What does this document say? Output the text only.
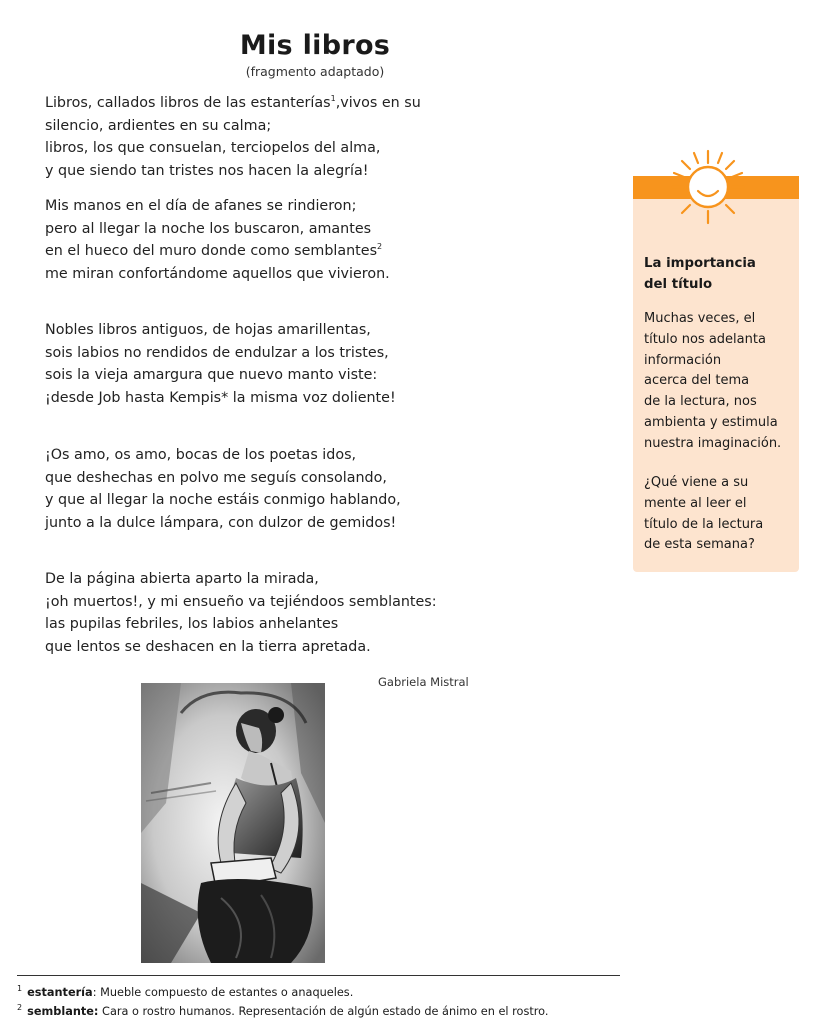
Mis libros
(fragmento adaptado)
Libros, callados libros de las estanterías$^1$,vivos en su
silencio, ardientes en su calma;
libros, los que consuelan, terciopelos del alma,
y que siendo tan tristes nos hacen la alegría!
Mis manos en el día de afanes se rindieron;
pero al llegar la noche los buscaron, amantes
en el hueco del muro donde como semblantes$^2$
me miran confortándome aquellos que vivieron.
Nobles libros antiguos, de hojas amarillentas,
sois labios no rendidos de endulzar a los tristes,
sois la vieja amargura que nuevo manto viste:
¡desde Job hasta Kempis* la misma voz doliente!
¡Os amo, os amo, bocas de los poetas idos,
que deshechas en polvo me seguís consolando,
y que al llegar la noche estáis conmigo hablando,
junto a la dulce lámpara, con dulzor de gemidos!
De la página abierta aparto la mirada,
¡oh muertos!, y mi ensueño va tejiéndoos semblantes:
las pupilas febriles, los labios anhelantes
que lentos se deshacen en la tierra apretada.
Gabriela Mistral
La importancia
del título
Muchas veces, el
título nos adelanta
información
acerca del tema
de la lectura, nos
ambienta y estimula
nuestra imaginación.
¿Qué viene a su
mente al leer el
título de la lectura
de esta semana?
$^1$ estantería: Mueble compuesto de estantes o anaqueles.
$^2$ semblante: Cara o rostro humanos. Representación de algún estado de ánimo en el rostro.
